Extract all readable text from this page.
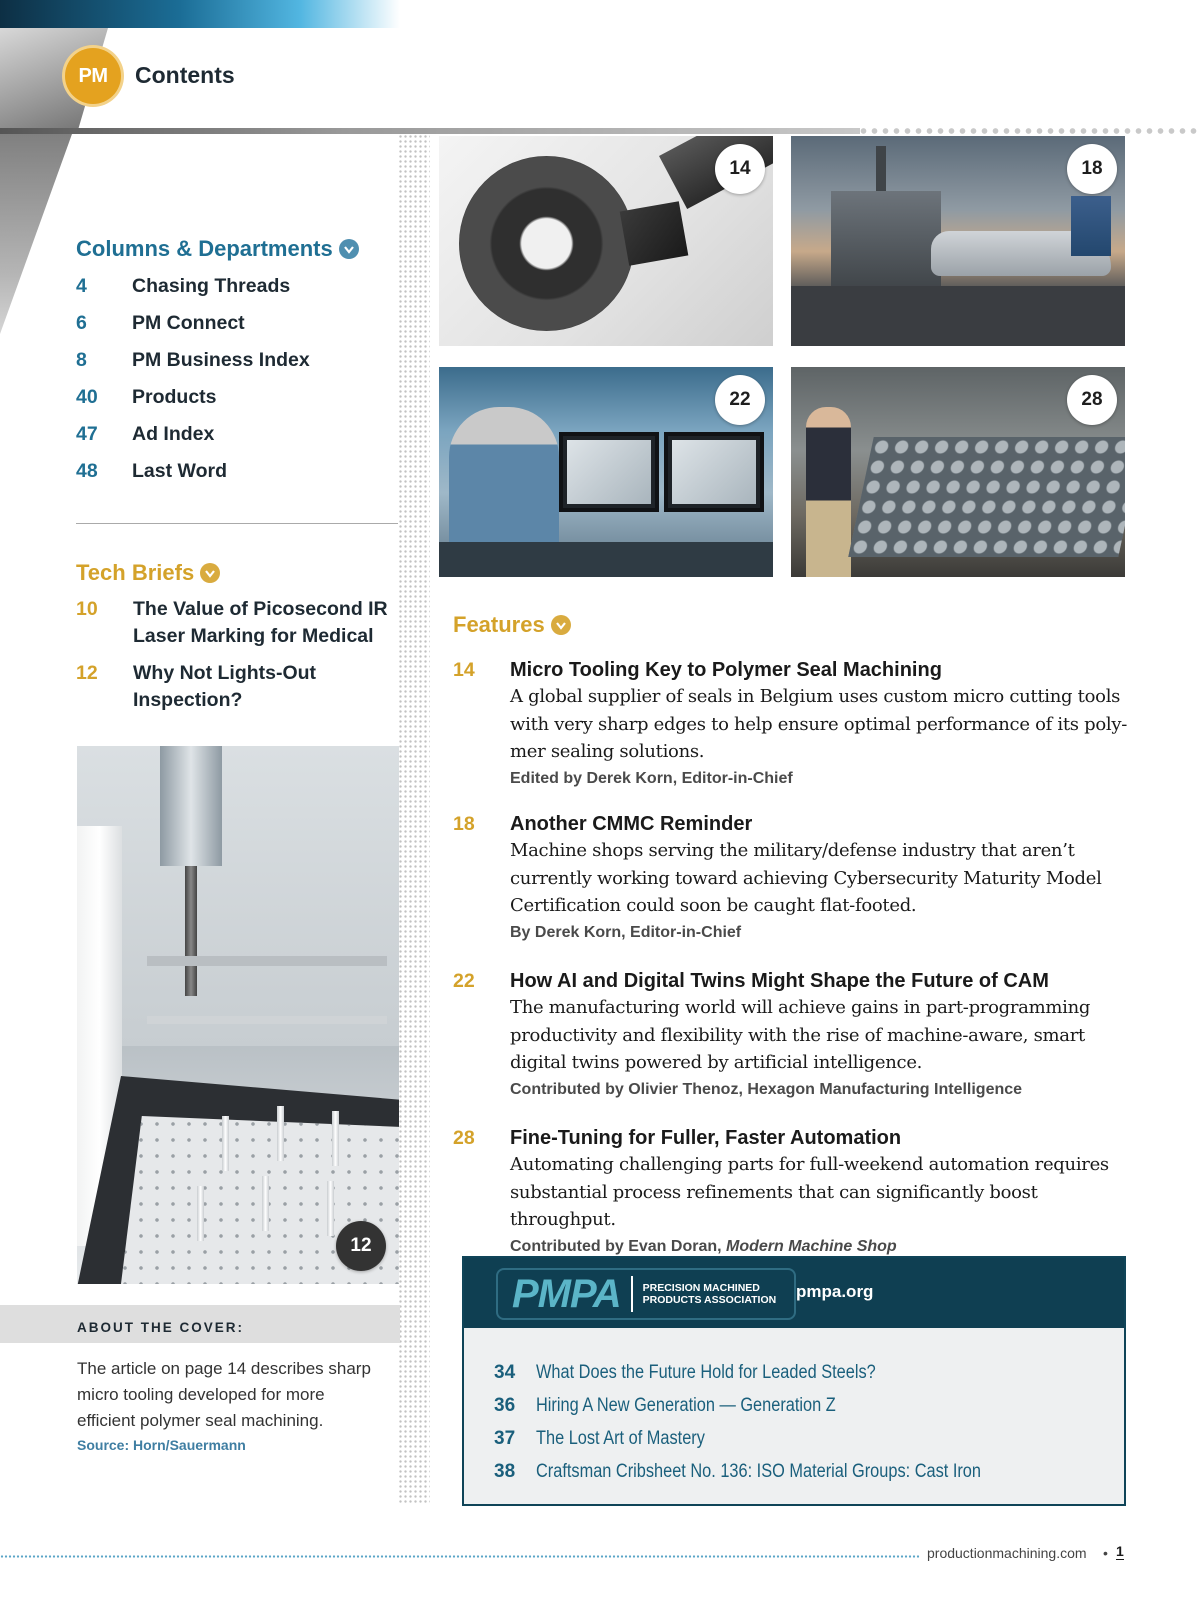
PM Contents
Columns & Departments
4	Chasing Threads
6	PM Connect
8	PM Business Index
40	Products
47	Ad Index
48	Last Word
Tech Briefs
10	The Value of Picosecond IR Laser Marking for Medical
12	Why Not Lights-Out Inspection?
12
ABOUT THE COVER:
The article on page 14 describes sharp micro tooling developed for more efficient polymer seal machining.
Source: Horn/Sauermann
14	18
22	28
Features
14	Micro Tooling Key to Polymer Seal Machining
A global supplier of seals in Belgium uses custom micro cutting tools with very sharp edges to help ensure optimal performance of its poly-mer sealing solutions.
Edited by Derek Korn, Editor-in-Chief
18	Another CMMC Reminder
Machine shops serving the military/defense industry that aren’t currently working toward achieving Cybersecurity Maturity Model Certification could soon be caught flat-footed.
By Derek Korn, Editor-in-Chief
22	How AI and Digital Twins Might Shape the Future of CAM
The manufacturing world will achieve gains in part-programming productivity and flexibility with the rise of machine-aware, smart digital twins powered by artificial intelligence.
Contributed by Olivier Thenoz, Hexagon Manufacturing Intelligence
28	Fine-Tuning for Fuller, Faster Automation
Automating challenging parts for full-weekend automation requires substantial process refinements that can significantly boost throughput.
Contributed by Evan Doran, Modern Machine Shop
PMPA PRECISION MACHINED
PRODUCTS ASSOCIATION pmpa.org
34	What Does the Future Hold for Leaded Steels?
36	Hiring A New Generation — Generation Z
37	The Lost Art of Mastery
38	Craftsman Cribsheet No. 136: ISO Material Groups: Cast Iron
productionmachining.com • 1
